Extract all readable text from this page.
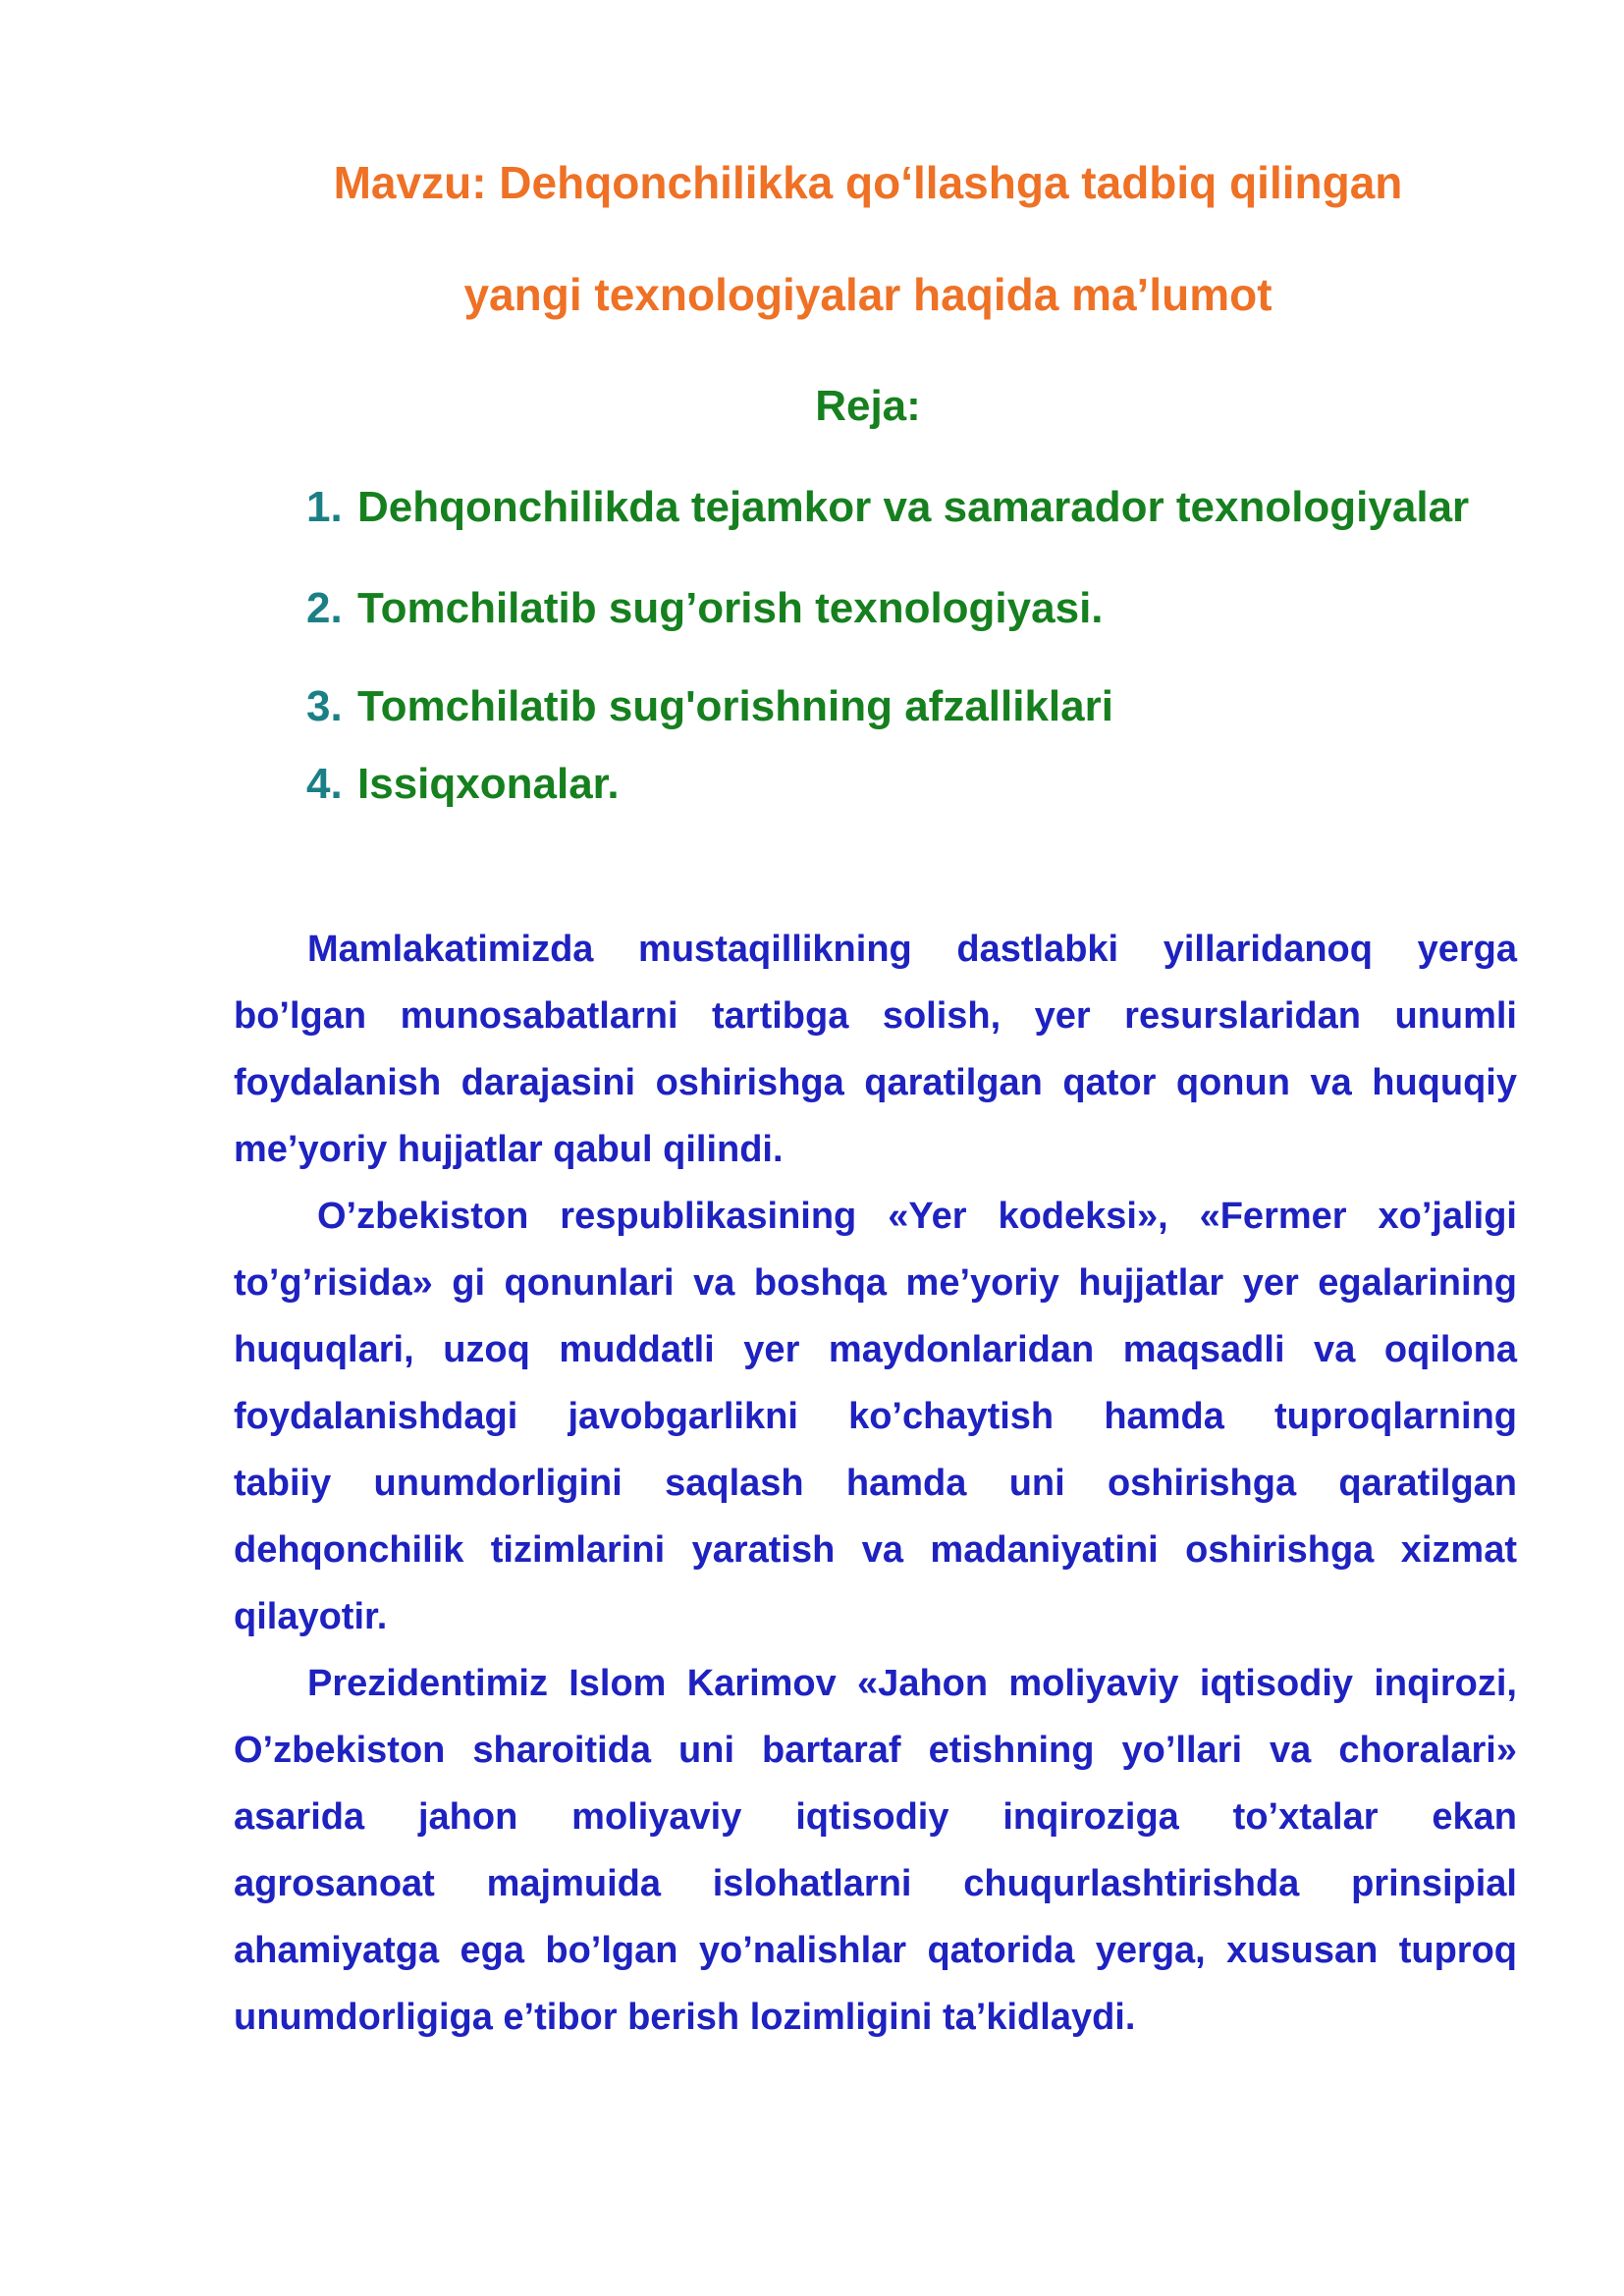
Mavzu: Dehqonchilikka qo‘llashga tadbiq qilingan
yangi texnologiyalar haqida ma’lumot
Reja:
1. Dehqonchilikda tejamkor va samarador texnologiyalar
2. Tomchilatib sug’orish texnologiyasi.
3. Tomchilatib sug'orishning afzalliklari
4. Issiqxonalar.
Mamlakatimizda mustaqillikning dastlabki yillaridanoq yerga
bo’lgan munosabatlarni tartibga solish, yer resurslaridan unumli
foydalanish darajasini oshirishga qaratilgan qator qonun va huquqiy
me’yoriy hujjatlar qabul qilindi.
O’zbekiston respublikasining «Yer kodeksi», «Fermer xo’jaligi
to’g’risida» gi qonunlari va boshqa me’yoriy hujjatlar yer egalarining
huquqlari, uzoq muddatli yer maydonlaridan maqsadli va oqilona
foydalanishdagi javobgarlikni ko’chaytish hamda tuproqlarning
tabiiy unumdorligini saqlash hamda uni oshirishga qaratilgan
dehqonchilik tizimlarini yaratish va madaniyatini oshirishga xizmat
qilayotir.
Prezidentimiz Islom Karimov «Jahon moliyaviy iqtisodiy inqirozi,
O’zbekiston sharoitida uni bartaraf etishning yo’llari va choralari»
asarida jahon moliyaviy iqtisodiy inqiroziga to’xtalar ekan
agrosanoat majmuida islohatlarni chuqurlashtirishda prinsipial
ahamiyatga ega bo’lgan yo’nalishlar qatorida yerga, xususan tuproq
unumdorligiga e’tibor berish lozimligini ta’kidlaydi.
